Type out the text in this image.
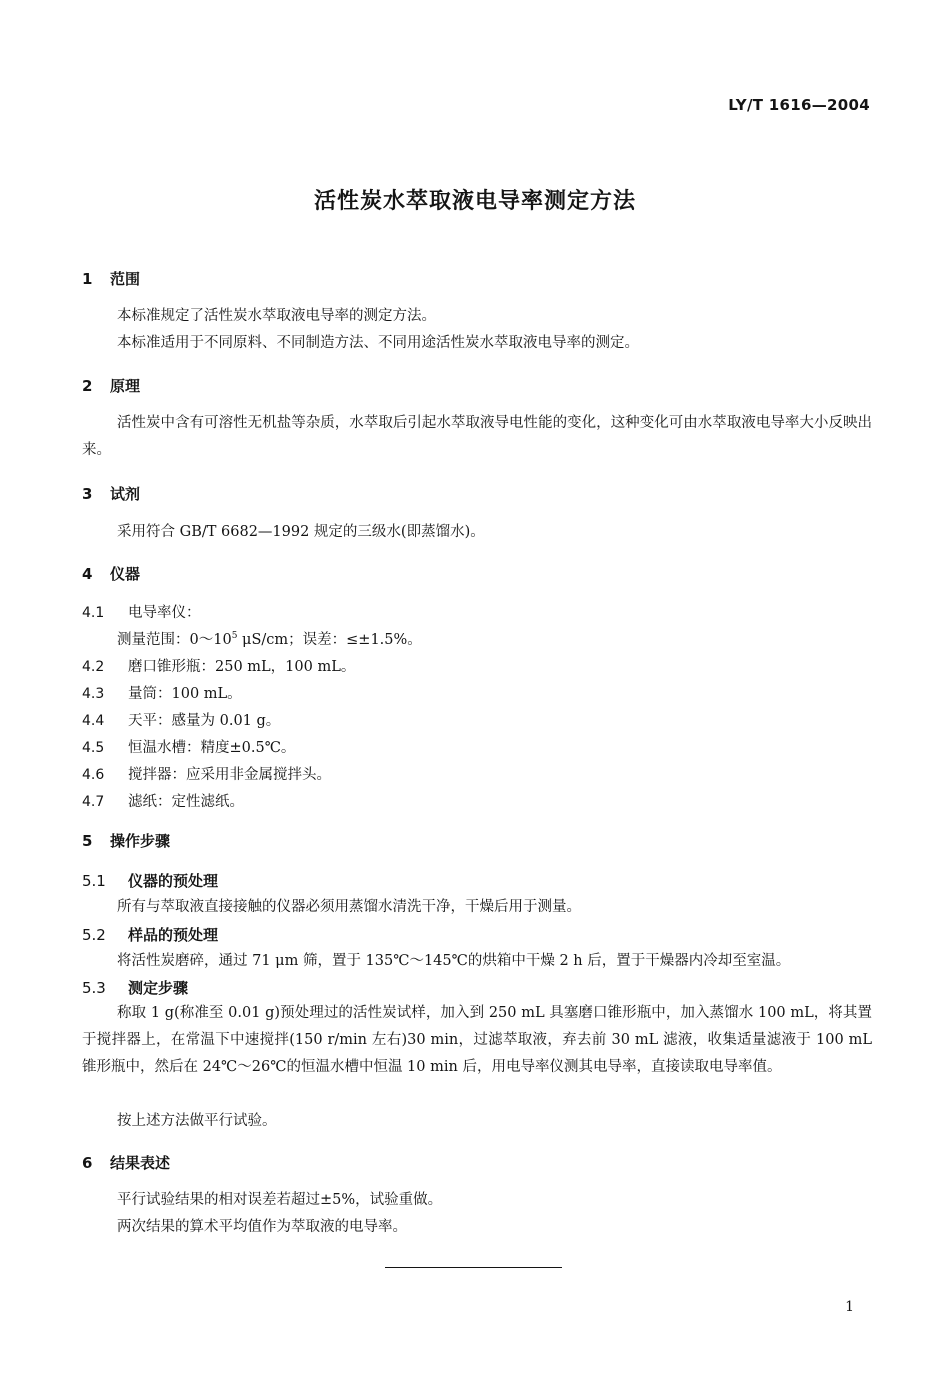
LY/T 1616—2004
活性炭水萃取液电导率测定方法
1 范围
本标准规定了活性炭水萃取液电导率的测定方法。
本标准适用于不同原料、不同制造方法、不同用途活性炭水萃取液电导率的测定。
2 原理
活性炭中含有可溶性无机盐等杂质，水萃取后引起水萃取液导电性能的变化，这种变化可由水萃取液电导率大小反映出来。
3 试剂
采用符合 GB/T 6682—1992 规定的三级水(即蒸馏水)。
4 仪器
4.1 电导率仪：
测量范围：$0\sim 10^5$ μS/cm；误差：≤±1.5%。
4.2 磨口锥形瓶：250 mL，100 mL。
4.3 量筒：100 mL。
4.4 天平：感量为 0.01 g。
4.5 恒温水槽：精度±0.5℃。
4.6 搅拌器：应采用非金属搅拌头。
4.7 滤纸：定性滤纸。
5 操作步骤
5.1 仪器的预处理
所有与萃取液直接接触的仪器必须用蒸馏水清洗干净，干燥后用于测量。
5.2 样品的预处理
将活性炭磨碎，通过 71 μm 筛，置于 135℃～145℃的烘箱中干燥 2 h 后，置于干燥器内冷却至室温。
5.3 测定步骤
称取 1 g(称准至 0.01 g)预处理过的活性炭试样，加入到 250 mL 具塞磨口锥形瓶中，加入蒸馏水 100 mL，将其置于搅拌器上，在常温下中速搅拌(150 r/min 左右)30 min，过滤萃取液，弃去前 30 mL 滤液，收集适量滤液于 100 mL 锥形瓶中，然后在 24℃～26℃的恒温水槽中恒温 10 min 后，用电导率仪测其电导率，直接读取电导率值。
按上述方法做平行试验。
6 结果表述
平行试验结果的相对误差若超过±5%，试验重做。
两次结果的算术平均值作为萃取液的电导率。
1
